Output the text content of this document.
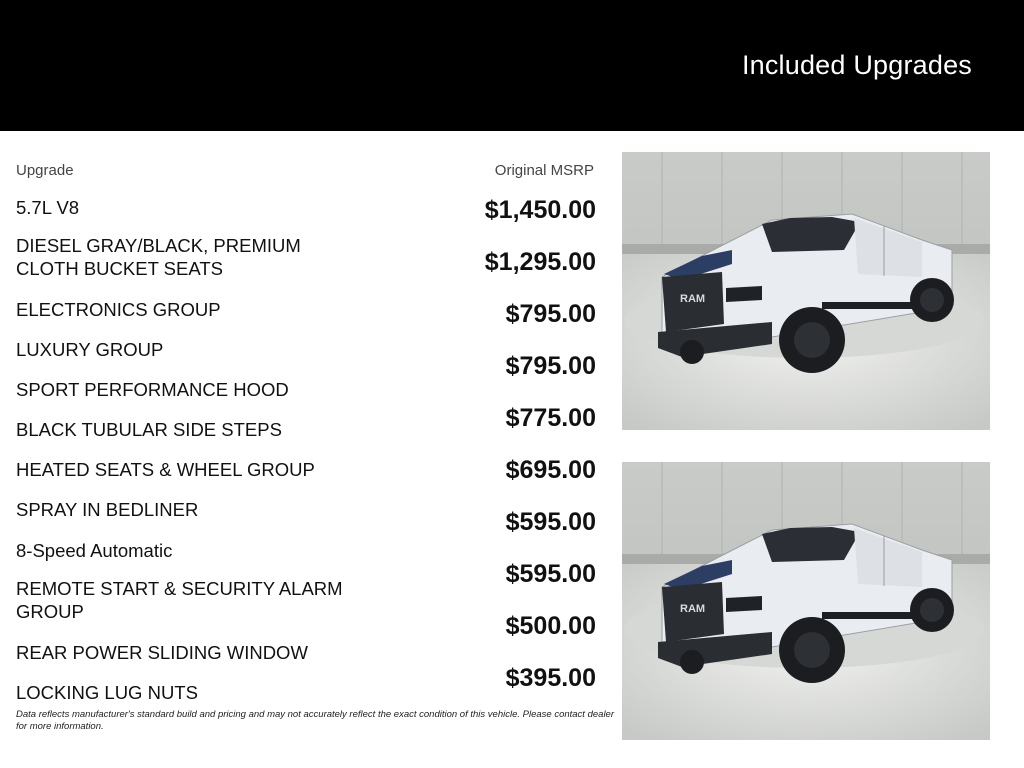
Included Upgrades
Upgrade	Original MSRP
5.7L V8
DIESEL GRAY/BLACK, PREMIUM CLOTH BUCKET SEATS
ELECTRONICS GROUP
LUXURY GROUP
SPORT PERFORMANCE HOOD
BLACK TUBULAR SIDE STEPS
HEATED SEATS & WHEEL GROUP
SPRAY IN BEDLINER
8-Speed Automatic
REMOTE START & SECURITY ALARM GROUP
REAR POWER SLIDING WINDOW
LOCKING LUG NUTS
$1,450.00
$1,295.00
$795.00
$795.00
$775.00
$695.00
$595.00
$595.00
$500.00
$395.00
Data reflects manufacturer's standard build and pricing and may not accurately reflect the exact condition of this vehicle. Please contact dealer for more information.
RAM
RAM
